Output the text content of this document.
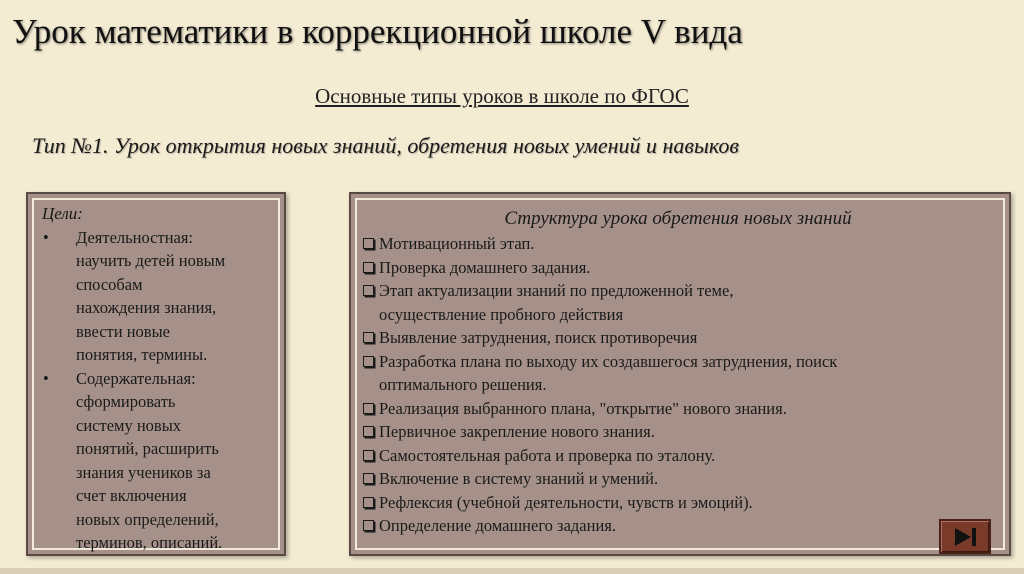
Урок математики в коррекционной школе V вида
Основные типы уроков в школе по ФГОС
Тип №1. Урок открытия новых знаний, обретения новых умений и навыков
Цели:
•	Деятельностная:
научить детей новым
способам
нахождения знания,
ввести новые
понятия, термины.
•	Содержательная:
сформировать
систему новых
понятий, расширить
знания учеников за
счет включения
новых определений,
терминов, описаний.
Структура урока обретения новых знаний
Мотивационный этап.
Проверка домашнего задания.
Этап актуализации знаний по предложенной теме,
осуществление пробного действия
Выявление затруднения, поиск противоречия
Разработка плана по выходу их создавшегося затруднения, поиск
оптимального решения.
Реализация выбранного плана, "открытие" нового знания.
Первичное закрепление нового знания.
Самостоятельная работа и проверка по эталону.
Включение в систему знаний и умений.
Рефлексия (учебной деятельности, чувств и эмоций).
Определение домашнего задания.
